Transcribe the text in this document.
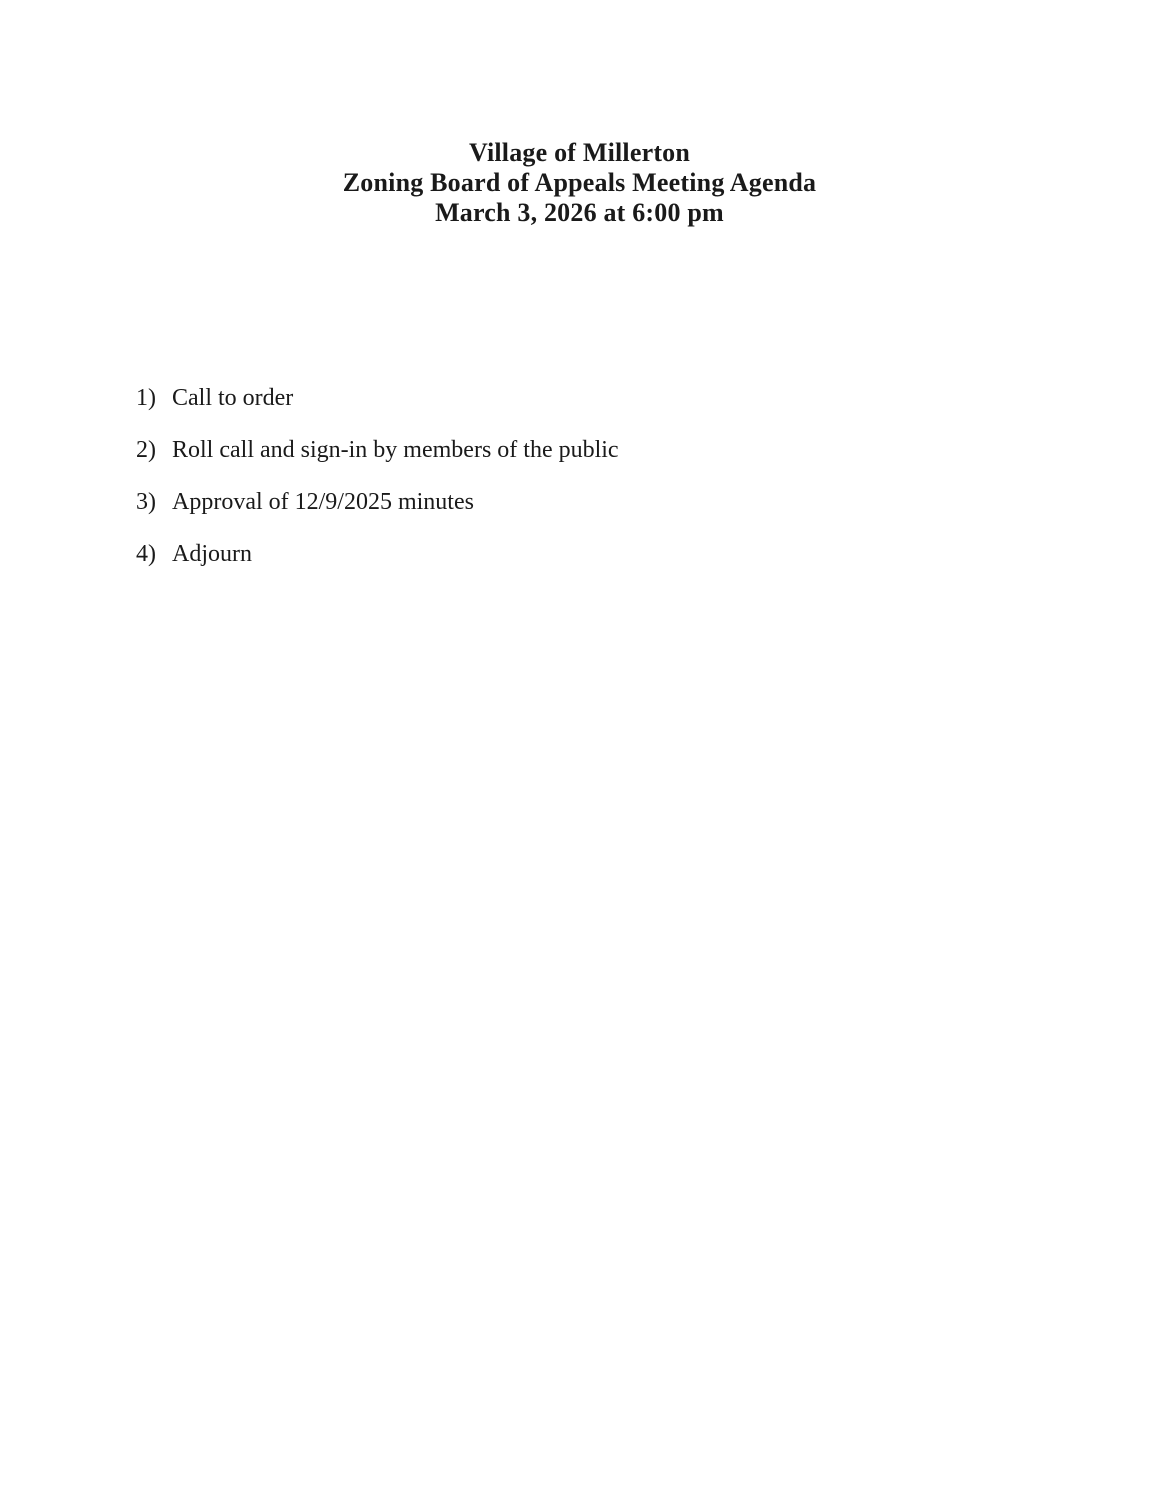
Village of Millerton
Zoning Board of Appeals Meeting Agenda
March 3, 2026 at 6:00 pm
1) Call to order
2) Roll call and sign-in by members of the public
3) Approval of 12/9/2025 minutes
4) Adjourn
